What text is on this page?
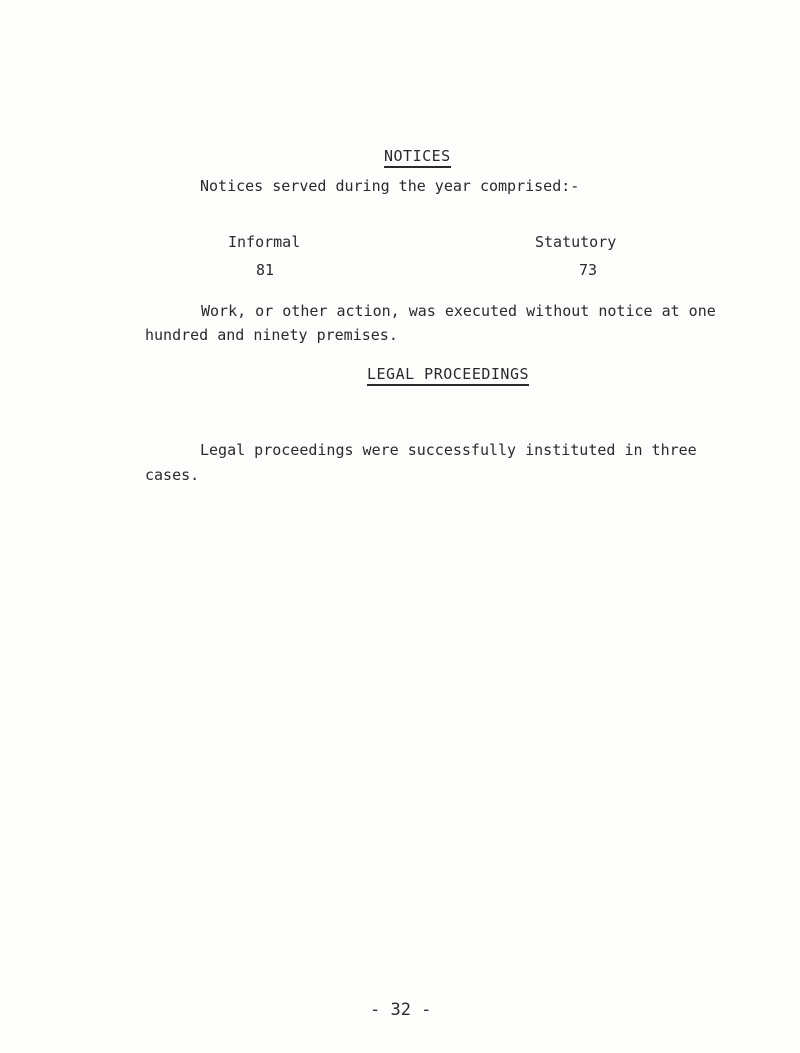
NOTICES
Notices served during the year comprised:-
Informal	Statutory
81	73
Work, or other action, was executed without notice at one
hundred and ninety premises.
LEGAL PROCEEDINGS
Legal proceedings were successfully instituted in three
cases.
- 32 -
